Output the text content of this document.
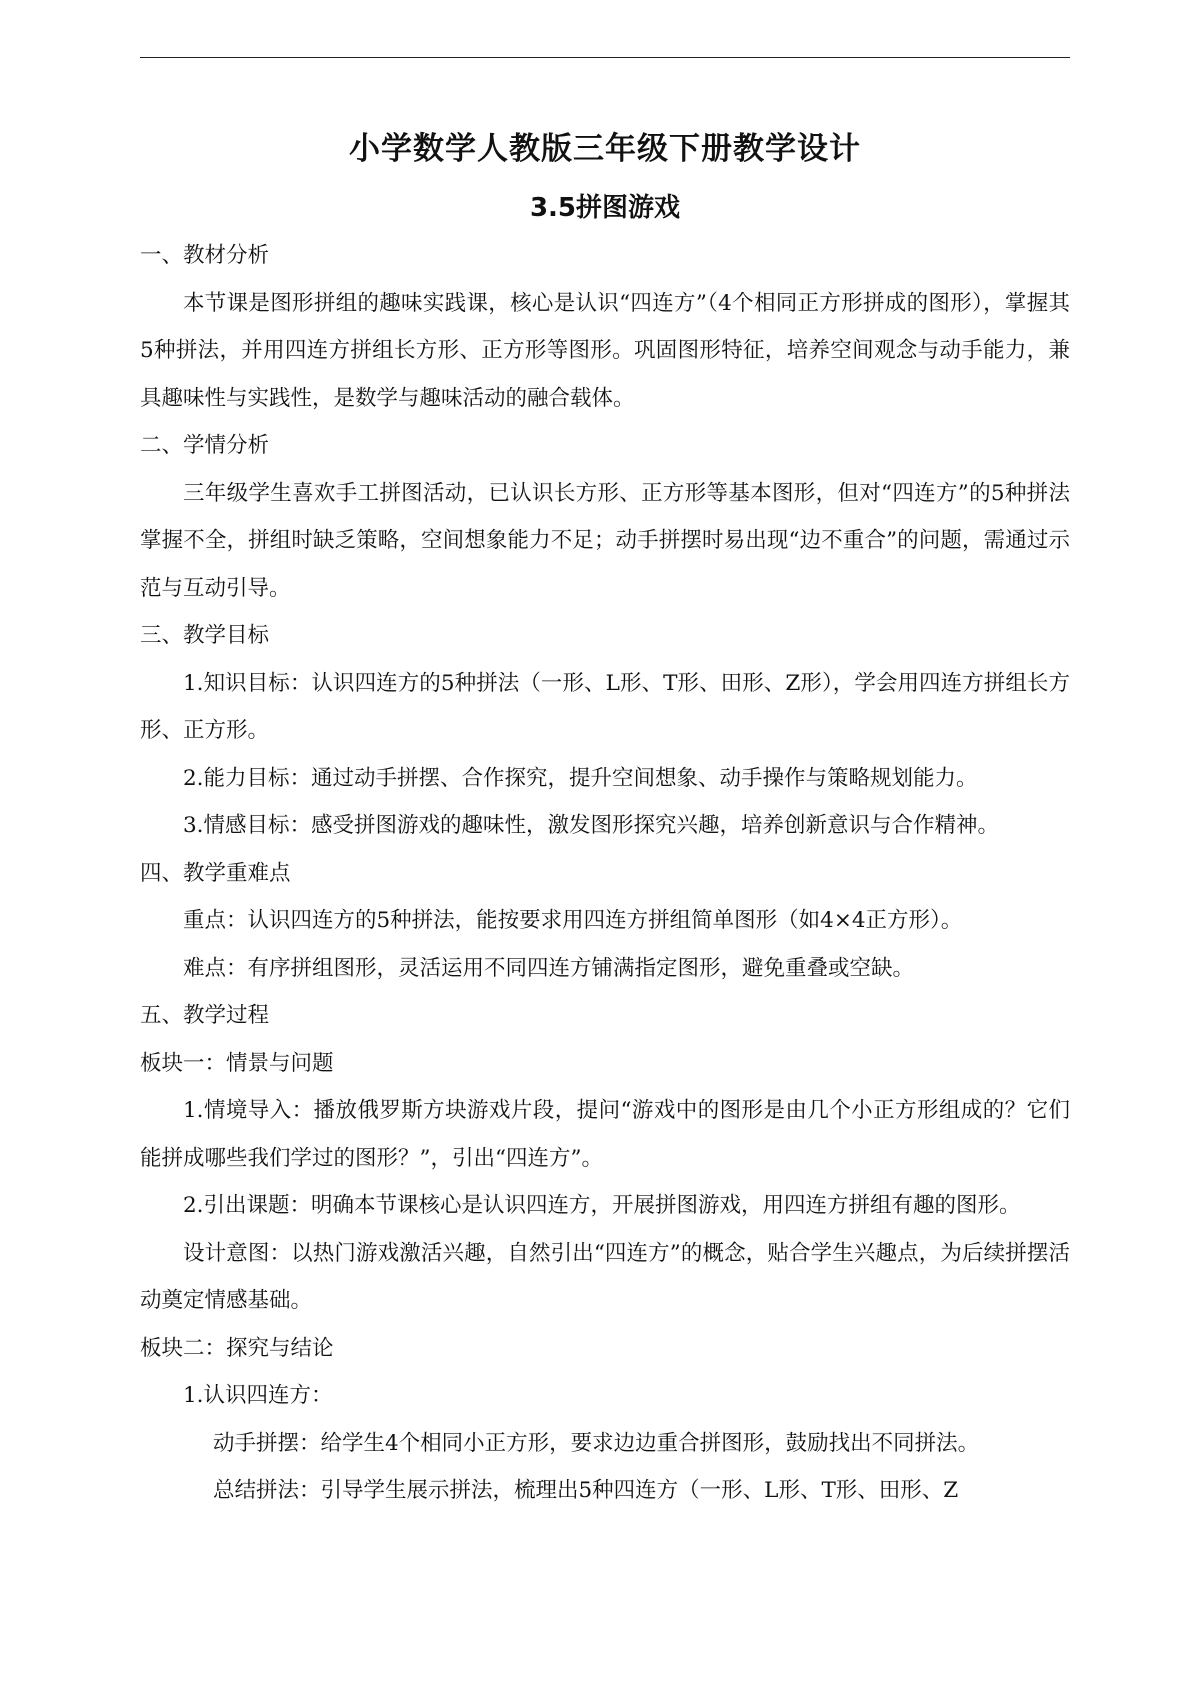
小学数学人教版三年级下册教学设计
3.5拼图游戏

一、教材分析

本节课是图形拼组的趣味实践课，核心是认识“四连方”（4个相同正方形拼成的图形），掌握其5种拼法，并用四连方拼组长方形、正方形等图形。巩固图形特征，培养空间观念与动手能力，兼具趣味性与实践性，是数学与趣味活动的融合载体。

二、学情分析

三年级学生喜欢手工拼图活动，已认识长方形、正方形等基本图形，但对“四连方”的5种拼法掌握不全，拼组时缺乏策略，空间想象能力不足；动手拼摆时易出现“边不重合”的问题，需通过示范与互动引导。

三、教学目标

1.知识目标：认识四连方的5种拼法（一形、L形、T形、田形、Z形），学会用四连方拼组长方形、正方形。

2.能力目标：通过动手拼摆、合作探究，提升空间想象、动手操作与策略规划能力。

3.情感目标：感受拼图游戏的趣味性，激发图形探究兴趣，培养创新意识与合作精神。

四、教学重难点

重点：认识四连方的5种拼法，能按要求用四连方拼组简单图形（如4×4正方形）。

难点：有序拼组图形，灵活运用不同四连方铺满指定图形，避免重叠或空缺。

五、教学过程

板块一：情景与问题

1.情境导入：播放俄罗斯方块游戏片段，提问“游戏中的图形是由几个小正方形组成的？它们能拼成哪些我们学过的图形？”，引出“四连方”。

2.引出课题：明确本节课核心是认识四连方，开展拼图游戏，用四连方拼组有趣的图形。

设计意图：以热门游戏激活兴趣，自然引出“四连方”的概念，贴合学生兴趣点，为后续拼摆活动奠定情感基础。

板块二：探究与结论

1.认识四连方：

动手拼摆：给学生4个相同小正方形，要求边边重合拼图形，鼓励找出不同拼法。

总结拼法：引导学生展示拼法，梳理出5种四连方（一形、L形、T形、田形、Z
